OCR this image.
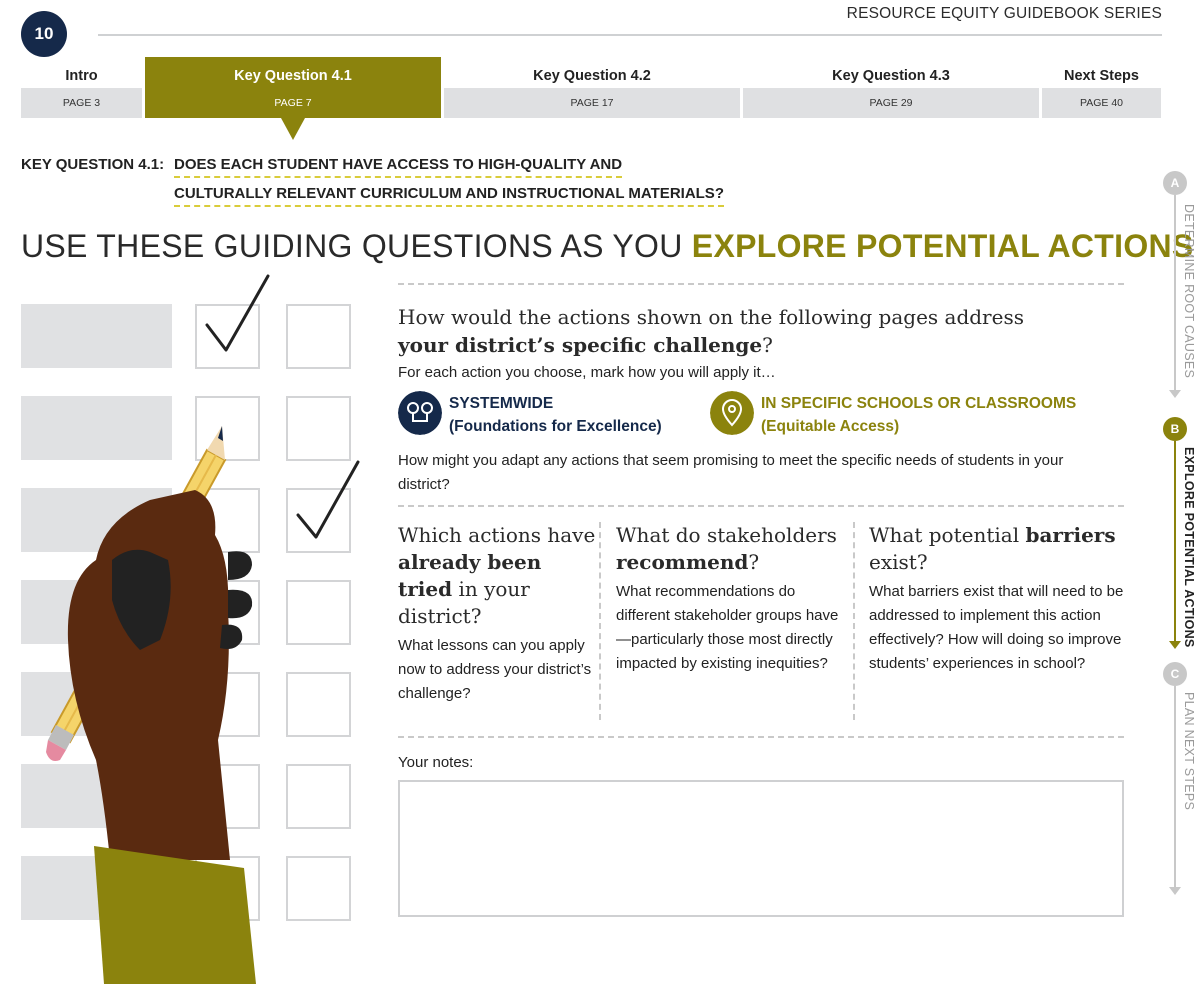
10
RESOURCE EQUITY GUIDEBOOK SERIES
Intro
PAGE 3
Key Question 4.1
PAGE 7
Key Question 4.2
PAGE 17
Key Question 4.3
PAGE 29
Next Steps
PAGE 40
KEY QUESTION 4.1: DOES EACH STUDENT HAVE ACCESS TO HIGH-QUALITY AND
CULTURALLY RELEVANT CURRICULUM AND INSTRUCTIONAL MATERIALS?
USE THESE GUIDING QUESTIONS AS YOU EXPLORE POTENTIAL ACTIONS
How would the actions shown on the following pages address
your district’s specific challenge?
For each action you choose, mark how you will apply it…
SYSTEMWIDE
(Foundations for Excellence)
IN SPECIFIC SCHOOLS OR CLASSROOMS
(Equitable Access)
How might you adapt any actions that seem promising to meet the specific needs of students in your district?
Which actions have already been tried in your district?
What lessons can you apply now to address your district’s challenge?
What do stakeholders recommend?
What recommendations do different stakeholder groups have—particularly those most directly impacted by existing inequities?
What potential barriers exist?
What barriers exist that will need to be addressed to implement this action effectively? How will doing so improve students’ experiences in school?
Your notes:
A
DETERMINE ROOT CAUSES
B
EXPLORE POTENTIAL ACTIONS
C
PLAN NEXT STEPS
